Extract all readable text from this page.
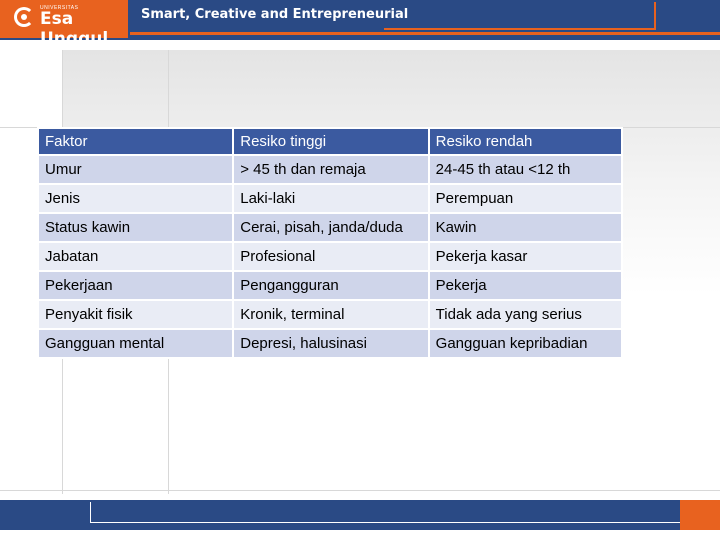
UNIVERSITAS
Esa Unggul
Smart, Creative and Entrepreneurial
Faktor	Resiko tinggi	Resiko rendah
Umur	> 45 th dan remaja	24-45 th atau <12 th
Jenis	Laki-laki	Perempuan
Status kawin	Cerai, pisah, janda/duda	Kawin
Jabatan	Profesional	Pekerja kasar
Pekerjaan	Pengangguran	Pekerja
Penyakit fisik	Kronik, terminal	Tidak ada yang serius
Gangguan mental	Depresi, halusinasi	Gangguan kepribadian
